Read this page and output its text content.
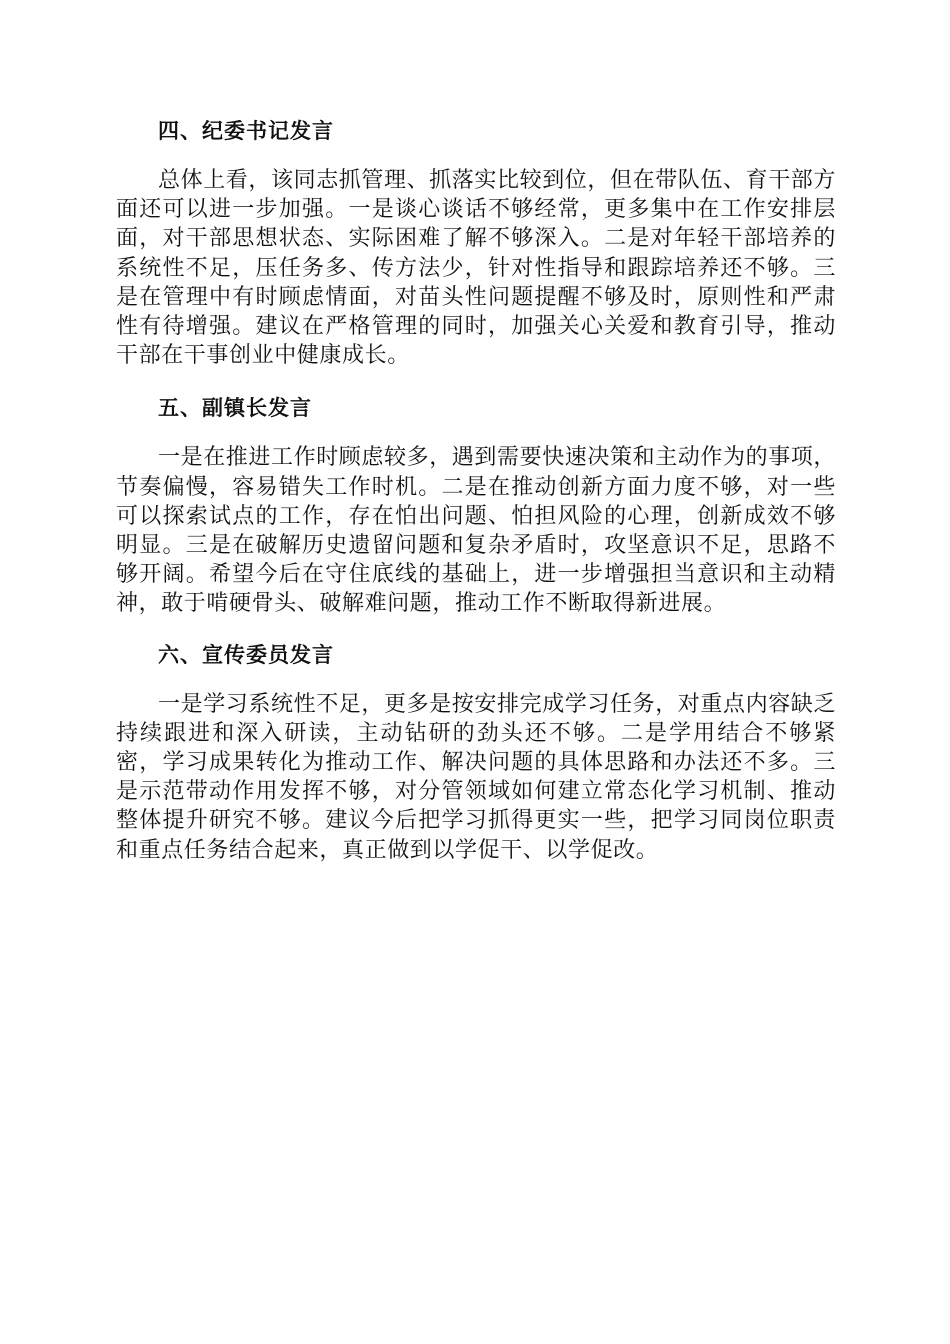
四、纪委书记发言

总体上看，该同志抓管理、抓落实比较到位，但在带队伍、育干部方面还可以进一步加强。一是谈心谈话不够经常，更多集中在工作安排层面，对干部思想状态、实际困难了解不够深入。二是对年轻干部培养的系统性不足，压任务多、传方法少，针对性指导和跟踪培养还不够。三是在管理中有时顾虑情面，对苗头性问题提醒不够及时，原则性和严肃性有待增强。建议在严格管理的同时，加强关心关爱和教育引导，推动干部在干事创业中健康成长。

五、副镇长发言

一是在推进工作时顾虑较多，遇到需要快速决策和主动作为的事项，节奏偏慢，容易错失工作时机。二是在推动创新方面力度不够，对一些可以探索试点的工作，存在怕出问题、怕担风险的心理，创新成效不够明显。三是在破解历史遗留问题和复杂矛盾时，攻坚意识不足，思路不够开阔。希望今后在守住底线的基础上，进一步增强担当意识和主动精神，敢于啃硬骨头、破解难问题，推动工作不断取得新进展。

六、宣传委员发言

一是学习系统性不足，更多是按安排完成学习任务，对重点内容缺乏持续跟进和深入研读，主动钻研的劲头还不够。二是学用结合不够紧密，学习成果转化为推动工作、解决问题的具体思路和办法还不多。三是示范带动作用发挥不够，对分管领域如何建立常态化学习机制、推动整体提升研究不够。建议今后把学习抓得更实一些，把学习同岗位职责和重点任务结合起来，真正做到以学促干、以学促改。
